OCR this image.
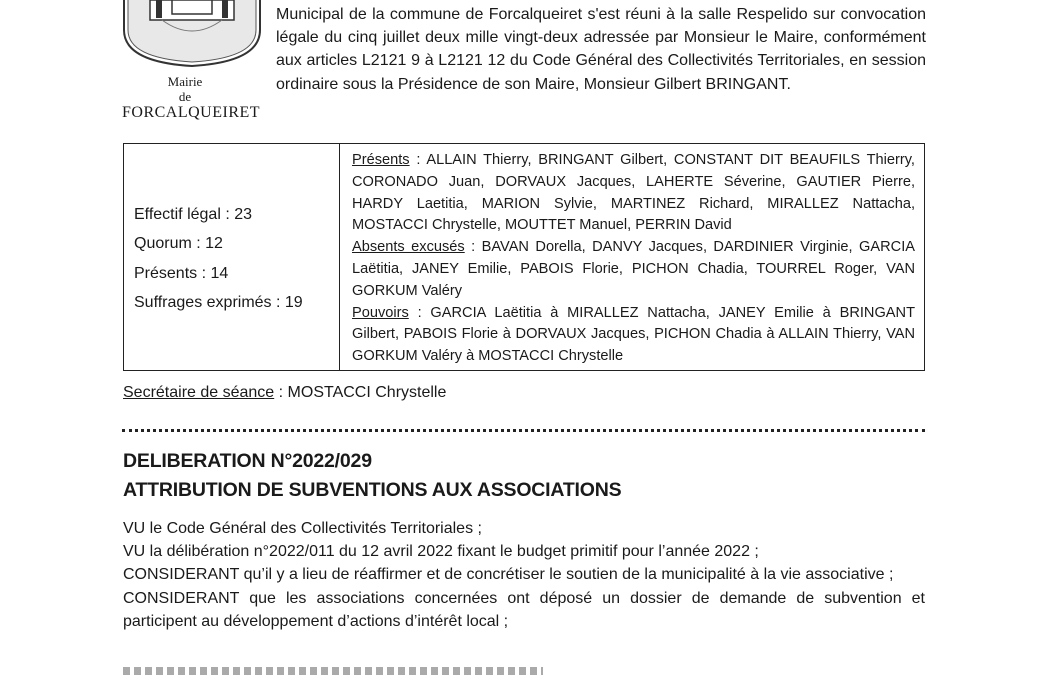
Mairie
de
FORCALQUEIRET

Municipal de la commune de Forcalqueiret s'est réuni à la salle Respelido sur convocation légale du cinq juillet deux mille vingt-deux adressée par Monsieur le Maire, conformément aux articles L2121 9 à L2121 12 du Code Général des Collectivités Territoriales, en session ordinaire sous la Présidence de son Maire, Monsieur Gilbert BRINGANT.

Effectif légal : 23
Quorum : 12
Présents : 14
Suffrages exprimés : 19

Présents : ALLAIN Thierry, BRINGANT Gilbert, CONSTANT DIT BEAUFILS Thierry, CORONADO Juan, DORVAUX Jacques, LAHERTE Séverine, GAUTIER Pierre, HARDY Laetitia, MARION Sylvie, MARTINEZ Richard, MIRALLEZ Nattacha, MOSTACCI Chrystelle, MOUTTET Manuel, PERRIN David

Absents excusés : BAVAN Dorella, DANVY Jacques, DARDINIER Virginie, GARCIA Laëtitia, JANEY Emilie, PABOIS Florie, PICHON Chadia, TOURREL Roger, VAN GORKUM Valéry

Pouvoirs : GARCIA Laëtitia à MIRALLEZ Nattacha, JANEY Emilie à BRINGANT Gilbert, PABOIS Florie à DORVAUX Jacques, PICHON Chadia à ALLAIN Thierry, VAN GORKUM Valéry à MOSTACCI Chrystelle

Secrétaire de séance : MOSTACCI Chrystelle
DELIBERATION N°2022/029
ATTRIBUTION DE SUBVENTIONS AUX ASSOCIATIONS

VU le Code Général des Collectivités Territoriales ;

VU la délibération n°2022/011 du 12 avril 2022 fixant le budget primitif pour l’année 2022 ;

CONSIDERANT qu’il y a lieu de réaffirmer et de concrétiser le soutien de la municipalité à la vie associative ;

CONSIDERANT que les associations concernées ont déposé un dossier de demande de subvention et participent au développement d’actions d’intérêt local ;
